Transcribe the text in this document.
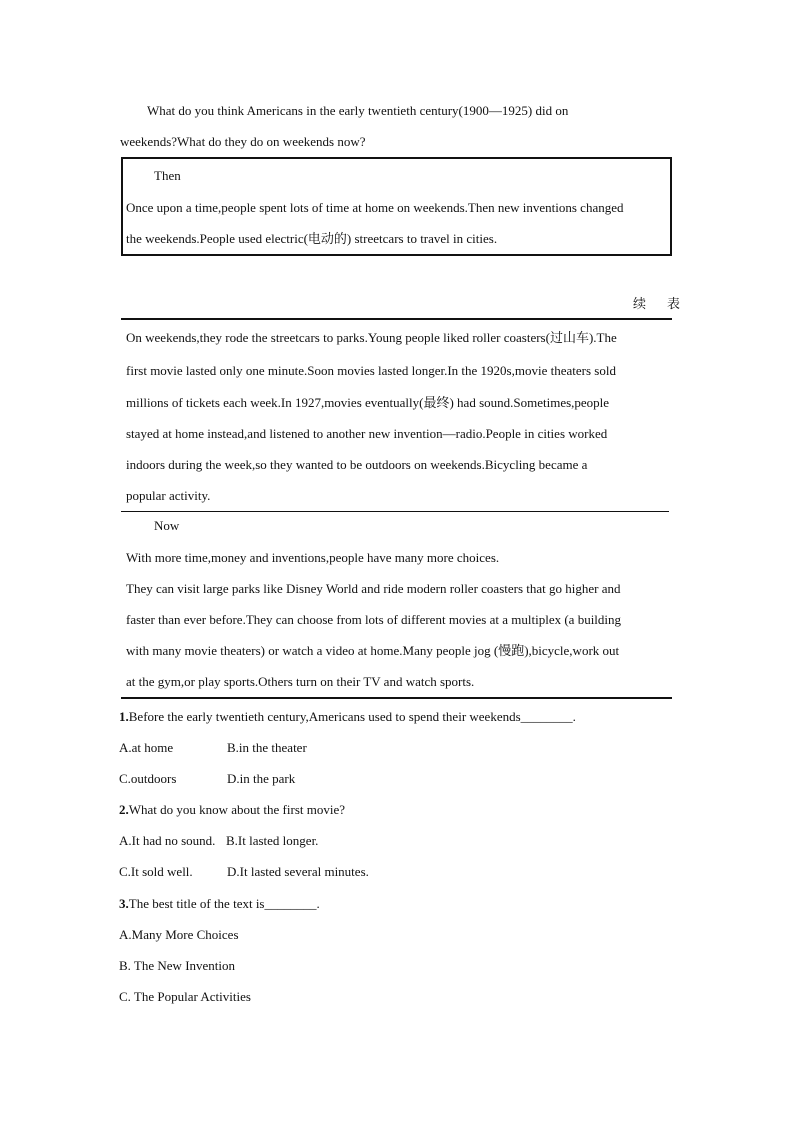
What do you think Americans in the early twentieth century(1900—1925) did on
weekends?What do they do on weekends now?
Then
Once upon a time,people spent lots of time at home on weekends.Then new inventions changed
the weekends.People used electric(电动的) streetcars to travel in cities.
续　表
On weekends,they rode the streetcars to parks.Young people liked roller coasters(过山车).The
first movie lasted only one minute.Soon movies lasted longer.In the 1920s,movie theaters sold
millions of tickets each week.In 1927,movies eventually(最终) had sound.Sometimes,people
stayed at home instead,and listened to another new invention—radio.People in cities worked
indoors during the week,so they wanted to be outdoors on weekends.Bicycling became a
popular activity.
Now
With more time,money and inventions,people have many more choices.
They can visit large parks like Disney World and ride modern roller coasters that go higher and
faster than ever before.They can choose from lots of different movies at a multiplex (a building
with many movie theaters) or watch a video at home.Many people jog (慢跑),bicycle,work out
at the gym,or play sports.Others turn on their TV and watch sports.
1.Before the early twentieth century,Americans used to spend their weekends________.
A.at home	B.in the theater
C.outdoors	D.in the park
2.What do you know about the first movie?
A.It had no sound. B.It lasted longer.
C.It sold well.	D.It lasted several minutes.
3.The best title of the text is________.
A.Many More Choices
B. The New Invention
C. The Popular Activities
